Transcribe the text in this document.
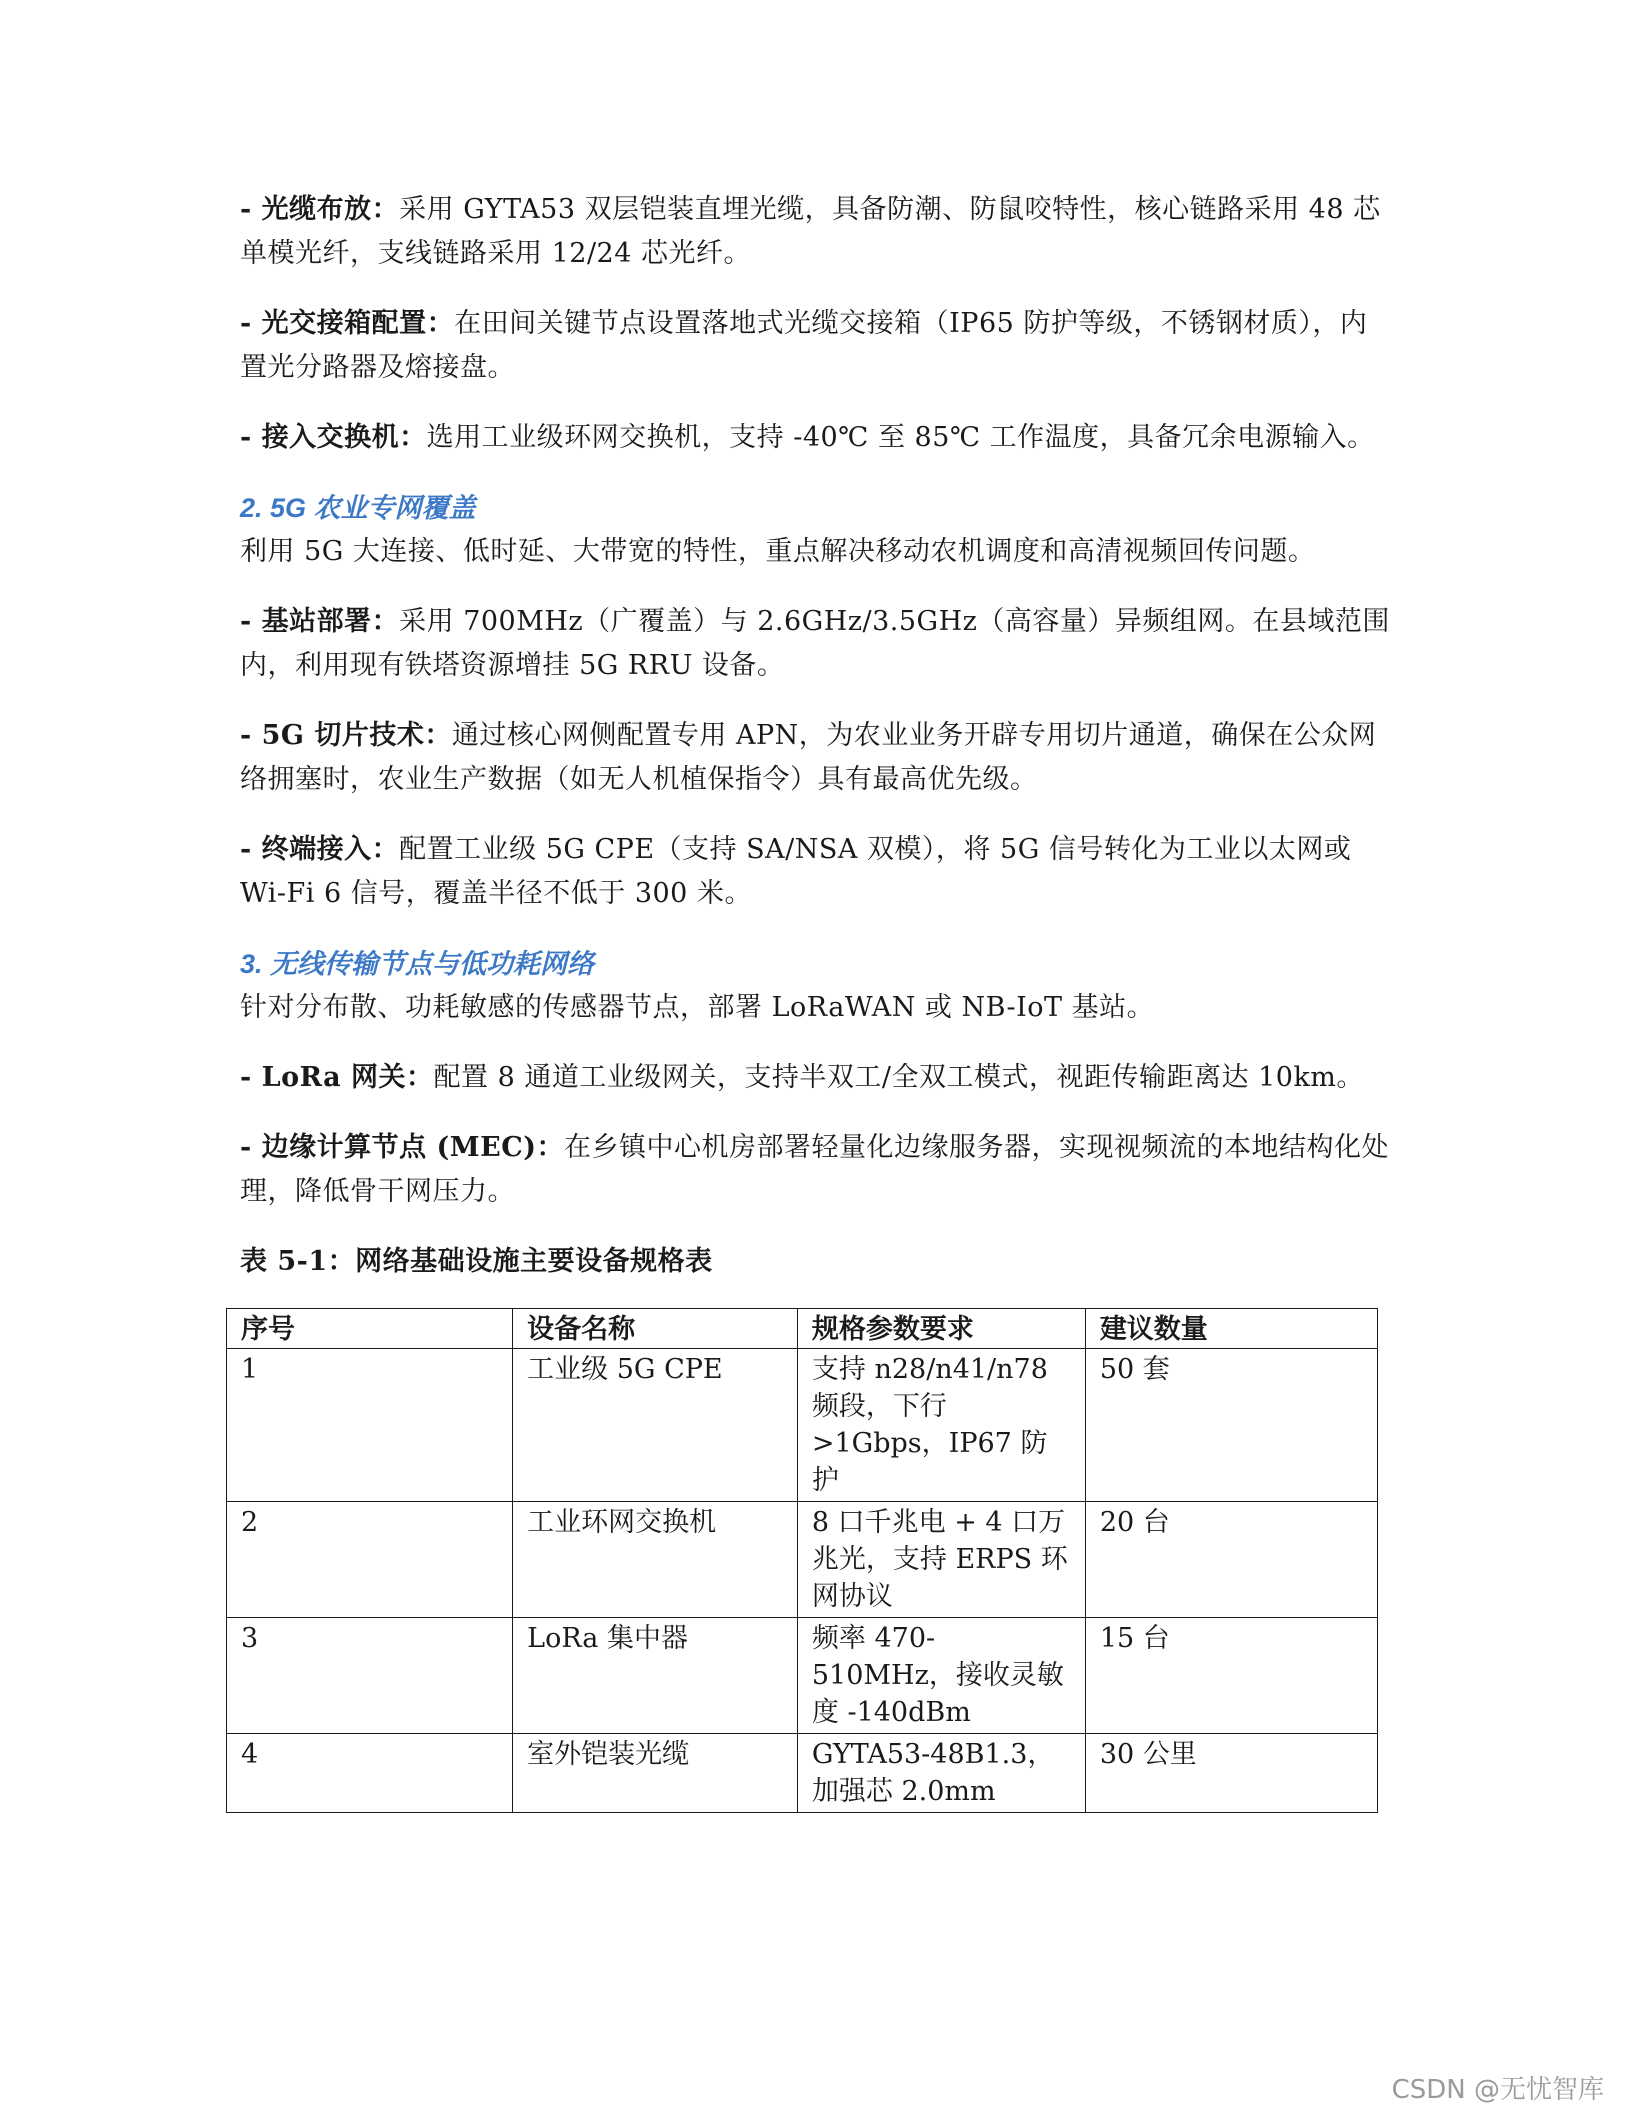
- 光缆布放：采用 GYTA53 双层铠装直埋光缆，具备防潮、防鼠咬特性，核心链路采用 48 芯单模光纤，支线链路采用 12/24 芯光纤。

- 光交接箱配置：在田间关键节点设置落地式光缆交接箱（IP65 防护等级，不锈钢材质），内置光分路器及熔接盘。

- 接入交换机：选用工业级环网交换机，支持 -40℃ 至 85℃ 工作温度，具备冗余电源输入。

2. 5G 农业专网覆盖

利用 5G 大连接、低时延、大带宽的特性，重点解决移动农机调度和高清视频回传问题。

- 基站部署：采用 700MHz（广覆盖）与 2.6GHz/3.5GHz（高容量）异频组网。在县域范围内，利用现有铁塔资源增挂 5G RRU 设备。

- 5G 切片技术：通过核心网侧配置专用 APN，为农业业务开辟专用切片通道，确保在公众网络拥塞时，农业生产数据（如无人机植保指令）具有最高优先级。

- 终端接入：配置工业级 5G CPE（支持 SA/NSA 双模），将 5G 信号转化为工业以太网或 Wi-Fi 6 信号，覆盖半径不低于 300 米。

3. 无线传输节点与低功耗网络

针对分布散、功耗敏感的传感器节点，部署 LoRaWAN 或 NB-IoT 基站。

- LoRa 网关：配置 8 通道工业级网关，支持半双工/全双工模式，视距传输距离达 10km。

- 边缘计算节点 (MEC)：在乡镇中心机房部署轻量化边缘服务器，实现视频流的本地结构化处理，降低骨干网压力。

表 5-1：网络基础设施主要设备规格表

序号	设备名称	规格参数要求	建议数量
1	工业级 5G CPE	支持 n28/n41/n78 频段，下行 >1Gbps，IP67 防护	50 套
2	工业环网交换机	8 口千兆电 + 4 口万兆光，支持 ERPS 环网协议	20 台
3	LoRa 集中器	频率 470-510MHz，接收灵敏度 -140dBm	15 台
4	室外铠装光缆	GYTA53-48B1.3，加强芯 2.0mm	30 公里
CSDN @无忧智库
